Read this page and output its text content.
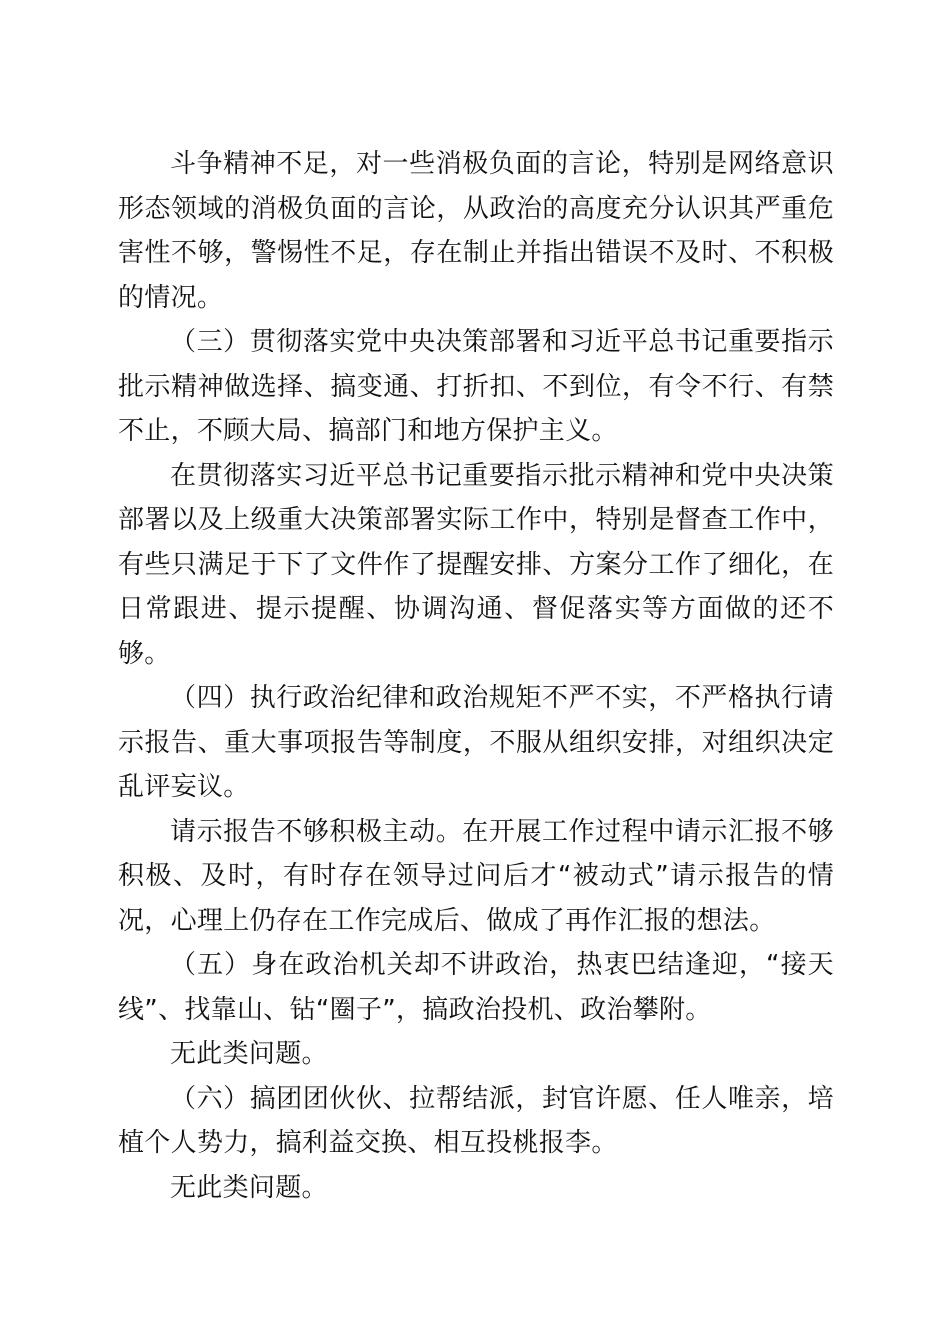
斗争精神不足，对一些消极负面的言论，特别是网络意识形态领域的消极负面的言论，从政治的高度充分认识其严重危害性不够，警惕性不足，存在制止并指出错误不及时、不积极的情况。

（三）贯彻落实党中央决策部署和习近平总书记重要指示批示精神做选择、搞变通、打折扣、不到位，有令不行、有禁不止，不顾大局、搞部门和地方保护主义。

在贯彻落实习近平总书记重要指示批示精神和党中央决策部署以及上级重大决策部署实际工作中，特别是督查工作中，有些只满足于下了文件作了提醒安排、方案分工作了细化，在日常跟进、提示提醒、协调沟通、督促落实等方面做的还不够。

（四）执行政治纪律和政治规矩不严不实，不严格执行请示报告、重大事项报告等制度，不服从组织安排，对组织决定乱评妄议。

请示报告不够积极主动。在开展工作过程中请示汇报不够积极、及时，有时存在领导过问后才“被动式”请示报告的情况，心理上仍存在工作完成后、做成了再作汇报的想法。

（五）身在政治机关却不讲政治，热衷巴结逢迎，“接天线”、找靠山、钻“圈子”，搞政治投机、政治攀附。

无此类问题。

（六）搞团团伙伙、拉帮结派，封官许愿、任人唯亲，培植个人势力，搞利益交换、相互投桃报李。

无此类问题。
